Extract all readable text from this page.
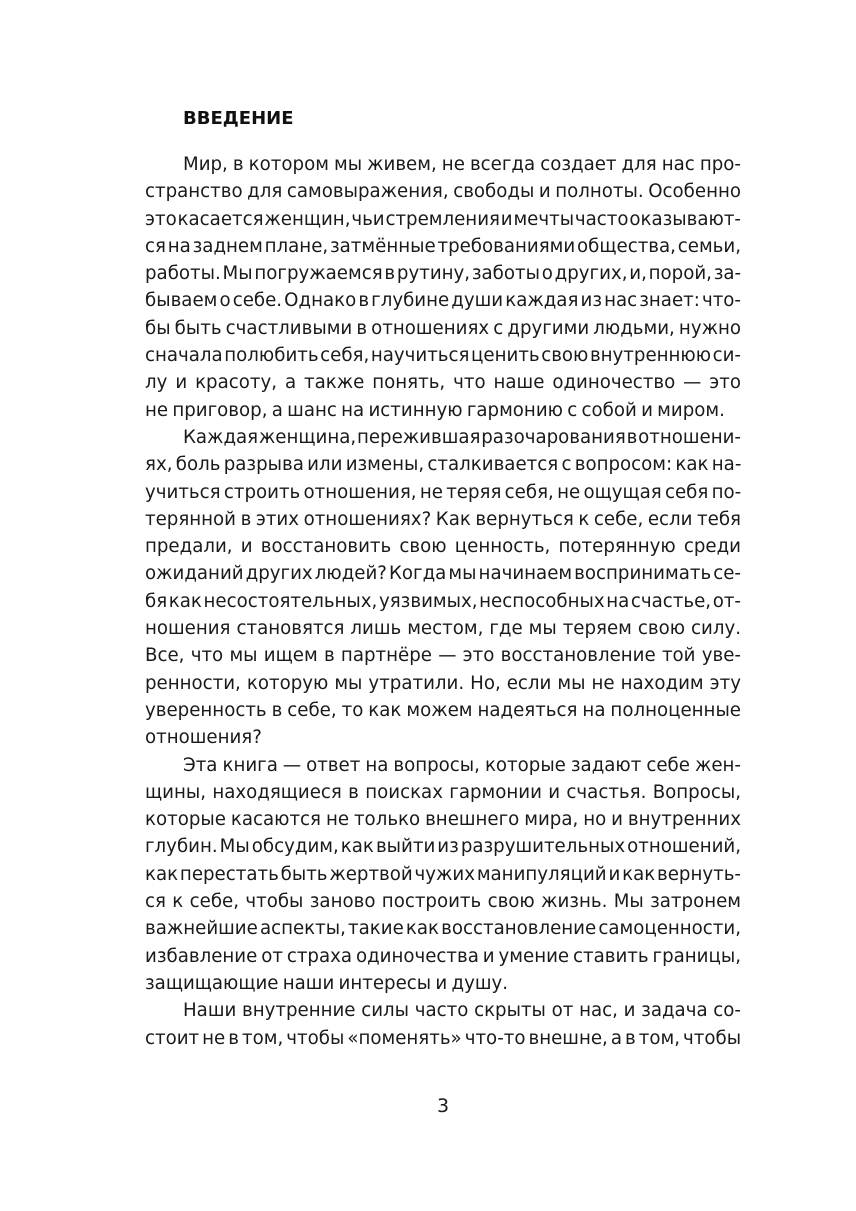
ВВЕДЕНИЕ

Мир, в котором мы живем, не всегда создает для нас про-
странство для самовыражения, свободы и полноты. Особенно
это касается женщин, чьи стремления и мечты часто оказывают-
ся на заднем плане, затмённые требованиями общества, семьи,
работы. Мы погружаемся в рутину, заботы о других, и, порой, за-
бываем о себе. Однако в глубине души каждая из нас знает: что-
бы быть счастливыми в отношениях с другими людьми, нужно
сначала полюбить себя, научиться ценить свою внутреннюю си-
лу и красоту, а также понять, что наше одиночество — это
не приговор, а шанс на истинную гармонию с собой и миром.

Каждая женщина, пережившая разочарования в отношени-
ях, боль разрыва или измены, сталкивается с вопросом: как на-
учиться строить отношения, не теряя себя, не ощущая себя по-
терянной в этих отношениях? Как вернуться к себе, если тебя
предали, и восстановить свою ценность, потерянную среди
ожиданий других людей? Когда мы начинаем воспринимать се-
бя как несостоятельных, уязвимых, неспособных на счастье, от-
ношения становятся лишь местом, где мы теряем свою силу.
Все, что мы ищем в партнёре — это восстановление той уве-
ренности, которую мы утратили. Но, если мы не находим эту
уверенность в себе, то как можем надеяться на полноценные
отношения?

Эта книга — ответ на вопросы, которые задают себе жен-
щины, находящиеся в поисках гармонии и счастья. Вопросы,
которые касаются не только внешнего мира, но и внутренних
глубин. Мы обсудим, как выйти из разрушительных отношений,
как перестать быть жертвой чужих манипуляций и как вернуть-
ся к себе, чтобы заново построить свою жизнь. Мы затронем
важнейшие аспекты, такие как восстановление самоценности,
избавление от страха одиночества и умение ставить границы,
защищающие наши интересы и душу.

Наши внутренние силы часто скрыты от нас, и задача со-
стоит не в том, чтобы «поменять» что-то внешне, а в том, чтобы

3
